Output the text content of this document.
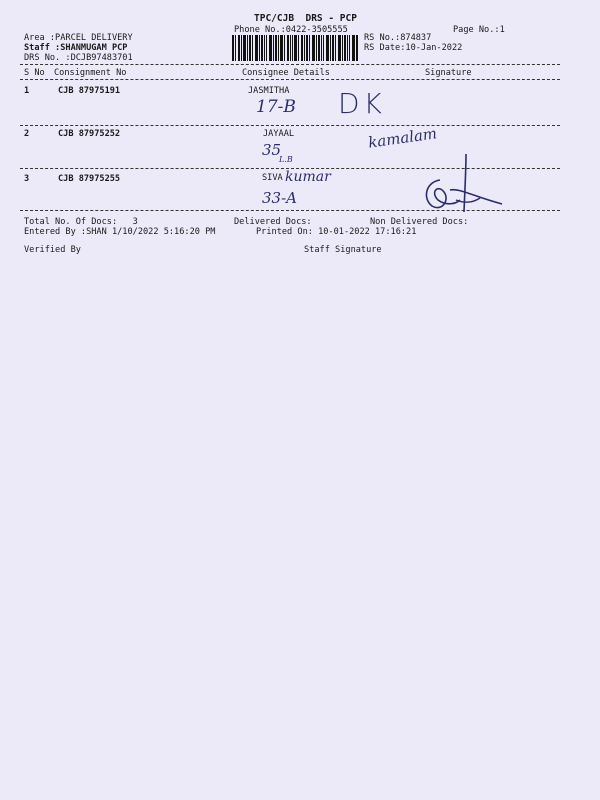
TPC/CJB  DRS - PCP
Phone No.:0422-3505555	Page No.:1
Area :PARCEL DELIVERY
Staff :SHANMUGAM PCP
DRS No. :DCJB97483701
RS No.:874837
RS Date:10-Jan-2022
S No Consignment No	Consignee Details	Signature
1	CJB 87975191	JASMITHA
17-B DK
2	CJB 87975252	JAYAAL
35
L.B
kamalam
3	CJB 87975255	SIVA kumar
33-A
Total No. Of Docs:   3	Delivered Docs:	Non Delivered Docs:
Entered By :SHAN 1/10/2022 5:16:20 PM	Printed On: 10-01-2022 17:16:21
Verified By	Staff Signature
